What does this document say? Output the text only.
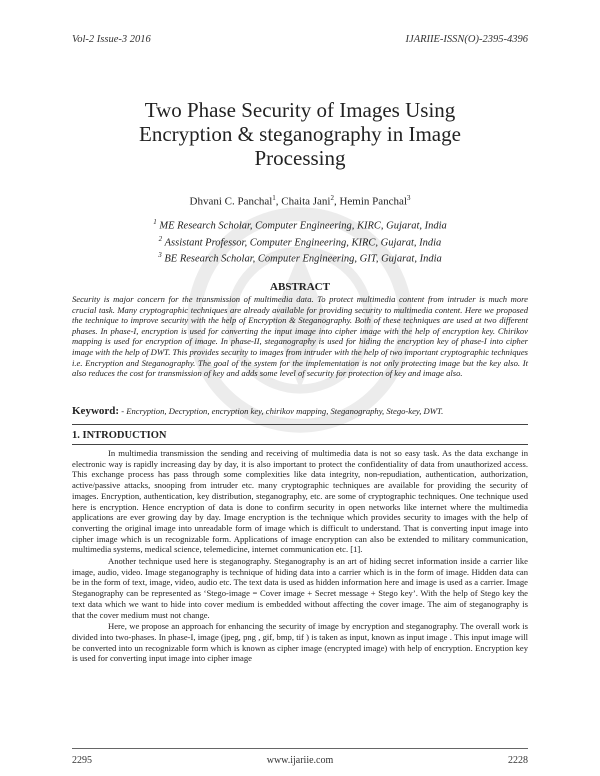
Vol-2 Issue-3 2016	IJARIIE-ISSN(O)-2395-4396
Two Phase Security of Images Using
Encryption & steganography in Image
Processing
Dhvani C. Panchal$^1$, Chaita Jani$^2$, Hemin Panchal$^3$
$^1$ ME Research Scholar, Computer Engineering, KIRC, Gujarat, India
$^2$ Assistant Professor, Computer Engineering, KIRC, Gujarat, India
$^3$ BE Research Scholar, Computer Engineering, GIT, Gujarat, India
ABSTRACT
Security is major concern for the transmission of multimedia data. To protect multimedia content from intruder is much more crucial task. Many cryptographic techniques are already available for providing security to multimedia content. Here we proposed the technique to improve security with the help of Encryption & Steganography. Both of these techniques are used at two different phases. In phase-I, encryption is used for converting the input image into cipher image with the help of encryption key. Chirikov mapping is used for encryption of image. In phase-II, steganography is used for hiding the encryption key of phase-I into cipher image with the help of DWT. This provides security to images from intruder with the help of two important cryptographic techniques i.e. Encryption and Steganography. The goal of the system for the implementation is not only protecting image but the key also. It also reduces the cost for transmission of key and adds some level of security for protection of key and image also.
Keyword: - Encryption, Decryption, encryption key, chirikov mapping, Steganography, Stego-key, DWT.
1. INTRODUCTION

In multimedia transmission the sending and receiving of multimedia data is not so easy task. As the data exchange in electronic way is rapidly increasing day by day, it is also important to protect the confidentiality of data from unauthorized access. This exchange process has pass through some complexities like data integrity, non-repudiation, authentication, authorization, active/passive attacks, snooping from intruder etc. many cryptographic techniques are available for providing the security of images. Encryption, authentication, key distribution, steganography, etc. are some of cryptographic techniques. One technique used here is encryption. Hence encryption of data is done to confirm security in open networks like internet where the multimedia applications are ever growing day by day. Image encryption is the technique which provides security to images with the help of converting the original image into unreadable form of image which is difficult to understand. That is converting input image into cipher image which is un recognizable form. Applications of image encryption can also be extended to military communication, multimedia systems, medical science, telemedicine, internet communication etc. [1].

Another technique used here is steganography. Steganography is an art of hiding secret information inside a carrier like image, audio, video. Image steganography is technique of hiding data into a carrier which is in the form of image. Hidden data can be in the form of text, image, video, audio etc. The text data is used as hidden information here and image is used as a carrier. Image Steganography can be represented as ‘Stego-image = Cover image + Secret message + Stego key’. With the help of Stego key the text data which we want to hide into cover medium is embedded without affecting the cover image. The aim of steganography is that the cover medium must not change.

Here, we propose an approach for enhancing the security of image by encryption and steganography. The overall work is divided into two-phases. In phase-I, image (jpeg, png , gif, bmp, tif ) is taken as input, known as input image . This input image will be converted into un recognizable form which is known as cipher image (encrypted image) with help of encryption. Encryption key is used for converting input image into cipher image

2295	www.ijariie.com	2228
